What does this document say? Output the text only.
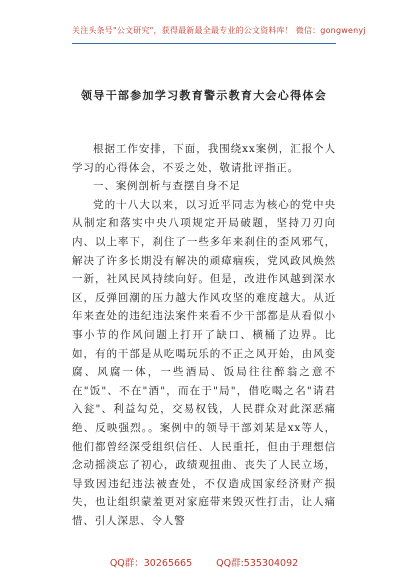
关注头条号"公文研究"，获得最新最全最专业的公文资料库！ 微信：gongwenyj
领导干部参加学习教育警示教育大会心得体会

根据工作安排，下面，我围绕xx案例，汇报个人学习的心得体会，不妥之处，敬请批评指正。

一、案例剖析与查摆自身不足

党的十八大以来，以习近平同志为核心的党中央从制定和落实中央八项规定开局破题，坚持刀刃向内、以上率下，刹住了一些多年来刹住的歪风邪气，解决了许多长期没有解决的顽瘴痼疾，党风政风焕然一新，社风民风持续向好。但是，改进作风越到深水区，反弹回潮的压力越大作风攻坚的难度越大。从近年来查处的违纪违法案件来看不少干部都是从看似小事小节的作风问题上打开了缺口、横桶了边界。比如，有的干部是从吃喝玩乐的不正之风开始，由风变腐、风腐一体，一些酒局、饭局往往醉翁之意不在"饭"、不在"酒"，而在于"局"，借吃喝之名"请君入瓮"、利益勾兑，交易权钱，人民群众对此深恶痛绝、反映强烈。。案例中的领导干部刘某是xx等人，他们都曾经深受组织信任、人民重托，但由于理想信念动摇淡忘了初心，政绩观扭曲、丧失了人民立场，导致因违纪违法被查处，不仅造成国家经济财产损失，也让组织蒙羞更对家庭带来毁灭性打击，让人痛惜、引人深思、令人警

QQ群：30265665	QQ群:535304092
